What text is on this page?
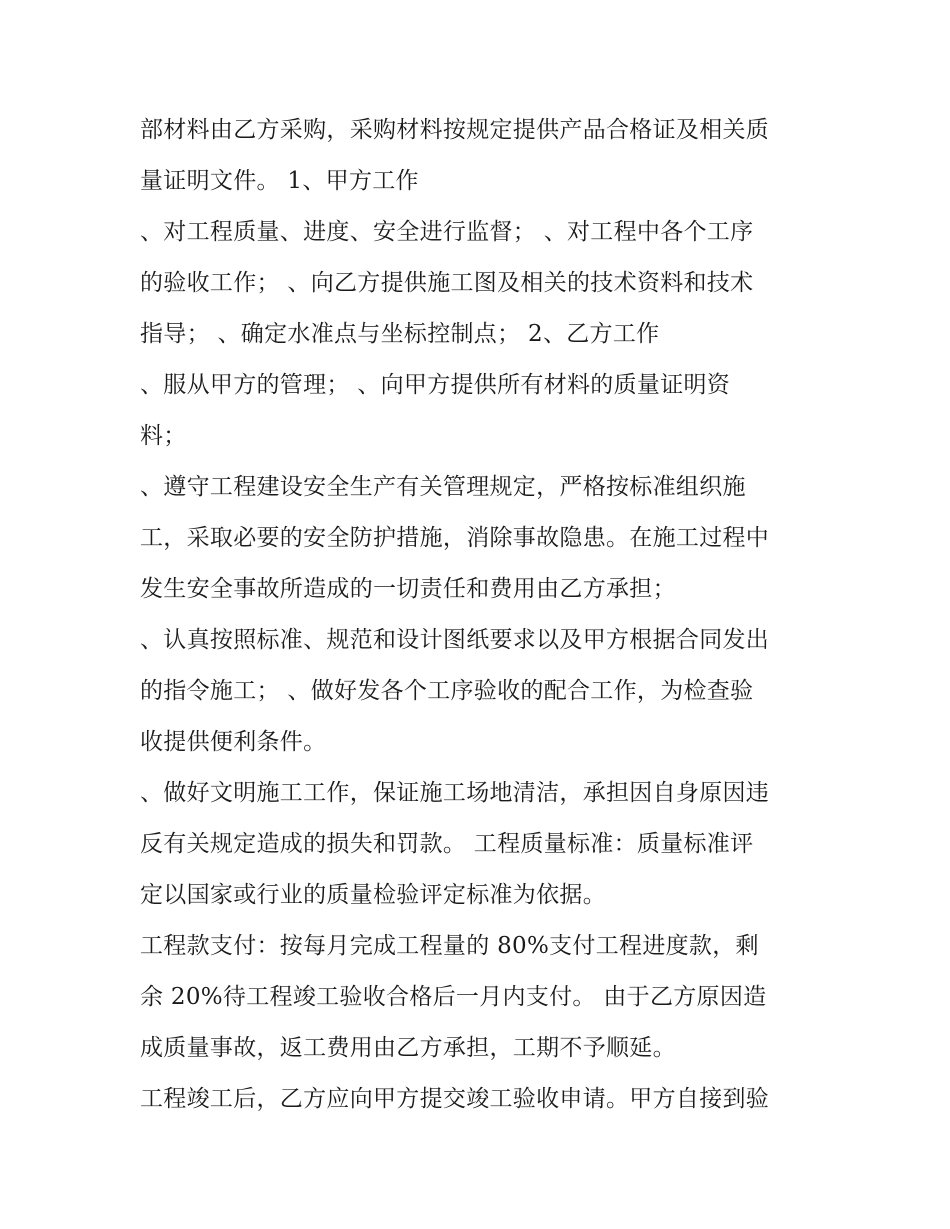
部材料由乙方采购，采购材料按规定提供产品合格证及相关质
量证明文件。 1、甲方工作
、对工程质量、进度、安全进行监督； 、对工程中各个工序
的验收工作； 、向乙方提供施工图及相关的技术资料和技术
指导； 、确定水准点与坐标控制点； 2、乙方工作
、服从甲方的管理； 、向甲方提供所有材料的质量证明资
料；
、遵守工程建设安全生产有关管理规定，严格按标准组织施
工，采取必要的安全防护措施，消除事故隐患。在施工过程中
发生安全事故所造成的一切责任和费用由乙方承担；
、认真按照标准、规范和设计图纸要求以及甲方根据合同发出
的指令施工； 、做好发各个工序验收的配合工作，为检查验
收提供便利条件。
、做好文明施工工作，保证施工场地清洁，承担因自身原因违
反有关规定造成的损失和罚款。 工程质量标准：质量标准评
定以国家或行业的质量检验评定标准为依据。
工程款支付：按每月完成工程量的 80%支付工程进度款，剩
余 20%待工程竣工验收合格后一月内支付。 由于乙方原因造
成质量事故，返工费用由乙方承担，工期不予顺延。
工程竣工后，乙方应向甲方提交竣工验收申请。甲方自接到验
